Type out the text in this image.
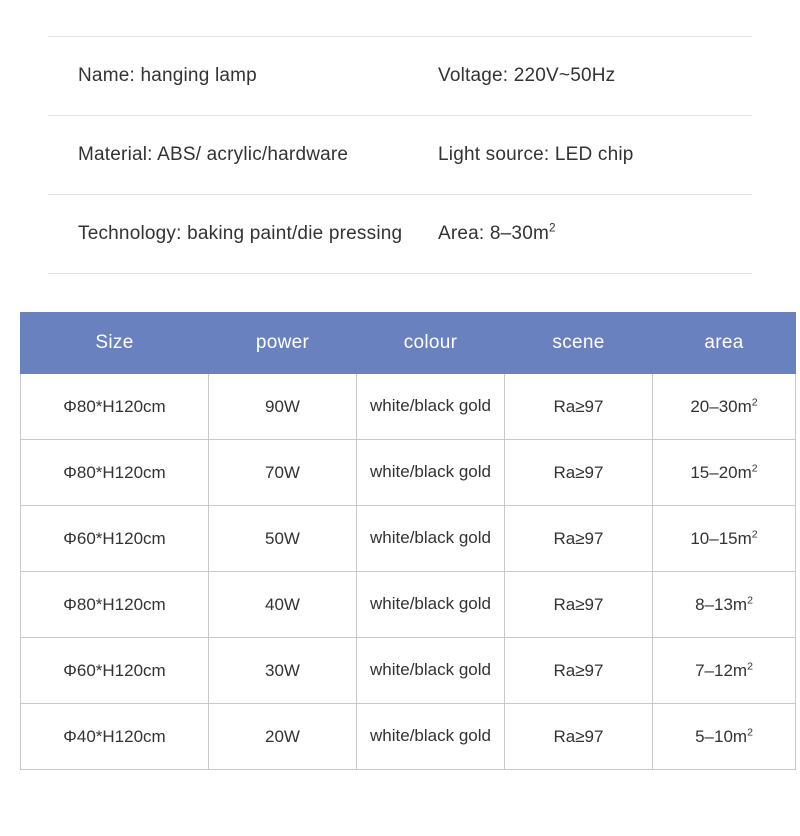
Name: hanging lamp	Voltage: 220V~50Hz
Material: ABS/ acrylic/hardware	Light source: LED chip
Technology: baking paint/die pressing	Area: $8-30m^2$
Size	power	colour	scene	area
Φ80*H120cm	90W	white/black gold	Ra≥97	$20-30m^2$
Φ80*H120cm	70W	white/black gold	Ra≥97	$15-20m^2$
Φ60*H120cm	50W	white/black gold	Ra≥97	$10-15m^2$
Φ80*H120cm	40W	white/black gold	Ra≥97	$8-13m^2$
Φ60*H120cm	30W	white/black gold	Ra≥97	$7-12m^2$
Φ40*H120cm	20W	white/black gold	Ra≥97	$5-10m^2$
